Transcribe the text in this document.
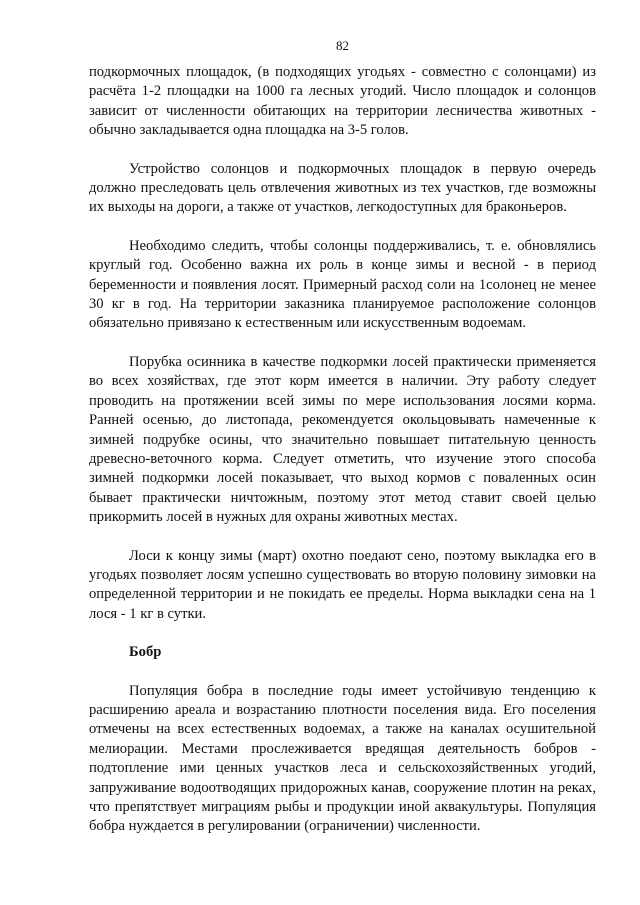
82

подкормочных площадок, (в подходящих угодьях - совместно с солонцами) из расчёта 1-2 площадки на 1000 га лесных угодий. Число площадок и солонцов зависит от численности обитающих на территории лесничества животных - обычно закладывается одна площадка на 3-5 голов.

Устройство солонцов и подкормочных площадок в первую очередь должно преследовать цель отвлечения животных из тех участков, где возможны их выходы на дороги, а также от участков, легкодоступных для браконьеров.

Необходимо следить, чтобы солонцы поддерживались, т. е. обновлялись круглый год. Особенно важна их роль в конце зимы и весной - в период беременности и появления лосят. Примерный расход соли на 1солонец не менее 30 кг в год. На территории заказника планируемое расположение солонцов обязательно привязано к естественным или искусственным водоемам.

Порубка осинника в качестве подкормки лосей практически применяется во всех хозяйствах, где этот корм имеется в наличии. Эту работу следует проводить на протяжении всей зимы по мере использования лосями корма. Ранней осенью, до листопада, рекомендуется окольцовывать намеченные к зимней подрубке осины, что значительно повышает питательную ценность древесно-веточного корма. Следует отметить, что изучение этого способа зимней подкормки лосей показывает, что выход кормов с поваленных осин бывает практически ничтожным, поэтому этот метод ставит своей целью прикормить лосей в нужных для охраны животных местах.

Лоси к концу зимы (март) охотно поедают сено, поэтому выкладка его в угодьях позволяет лосям успешно существовать во вторую половину зимовки на определенной территории и не покидать ее пределы. Норма выкладки сена на 1 лося - 1 кг в сутки.

Бобр

Популяция бобра в последние годы имеет устойчивую тенденцию к расширению ареала и возрастанию плотности поселения вида. Его поселения отмечены на всех естественных водоемах, а также на каналах осушительной мелиорации. Местами прослеживается вредящая деятельность бобров - подтопление ими ценных участков леса и сельскохозяйственных угодий, запруживание водоотводящих придорожных канав, сооружение плотин на реках, что препятствует миграциям рыбы и продукции иной аквакультуры. Популяция бобра нуждается в регулировании (ограничении) численности.
